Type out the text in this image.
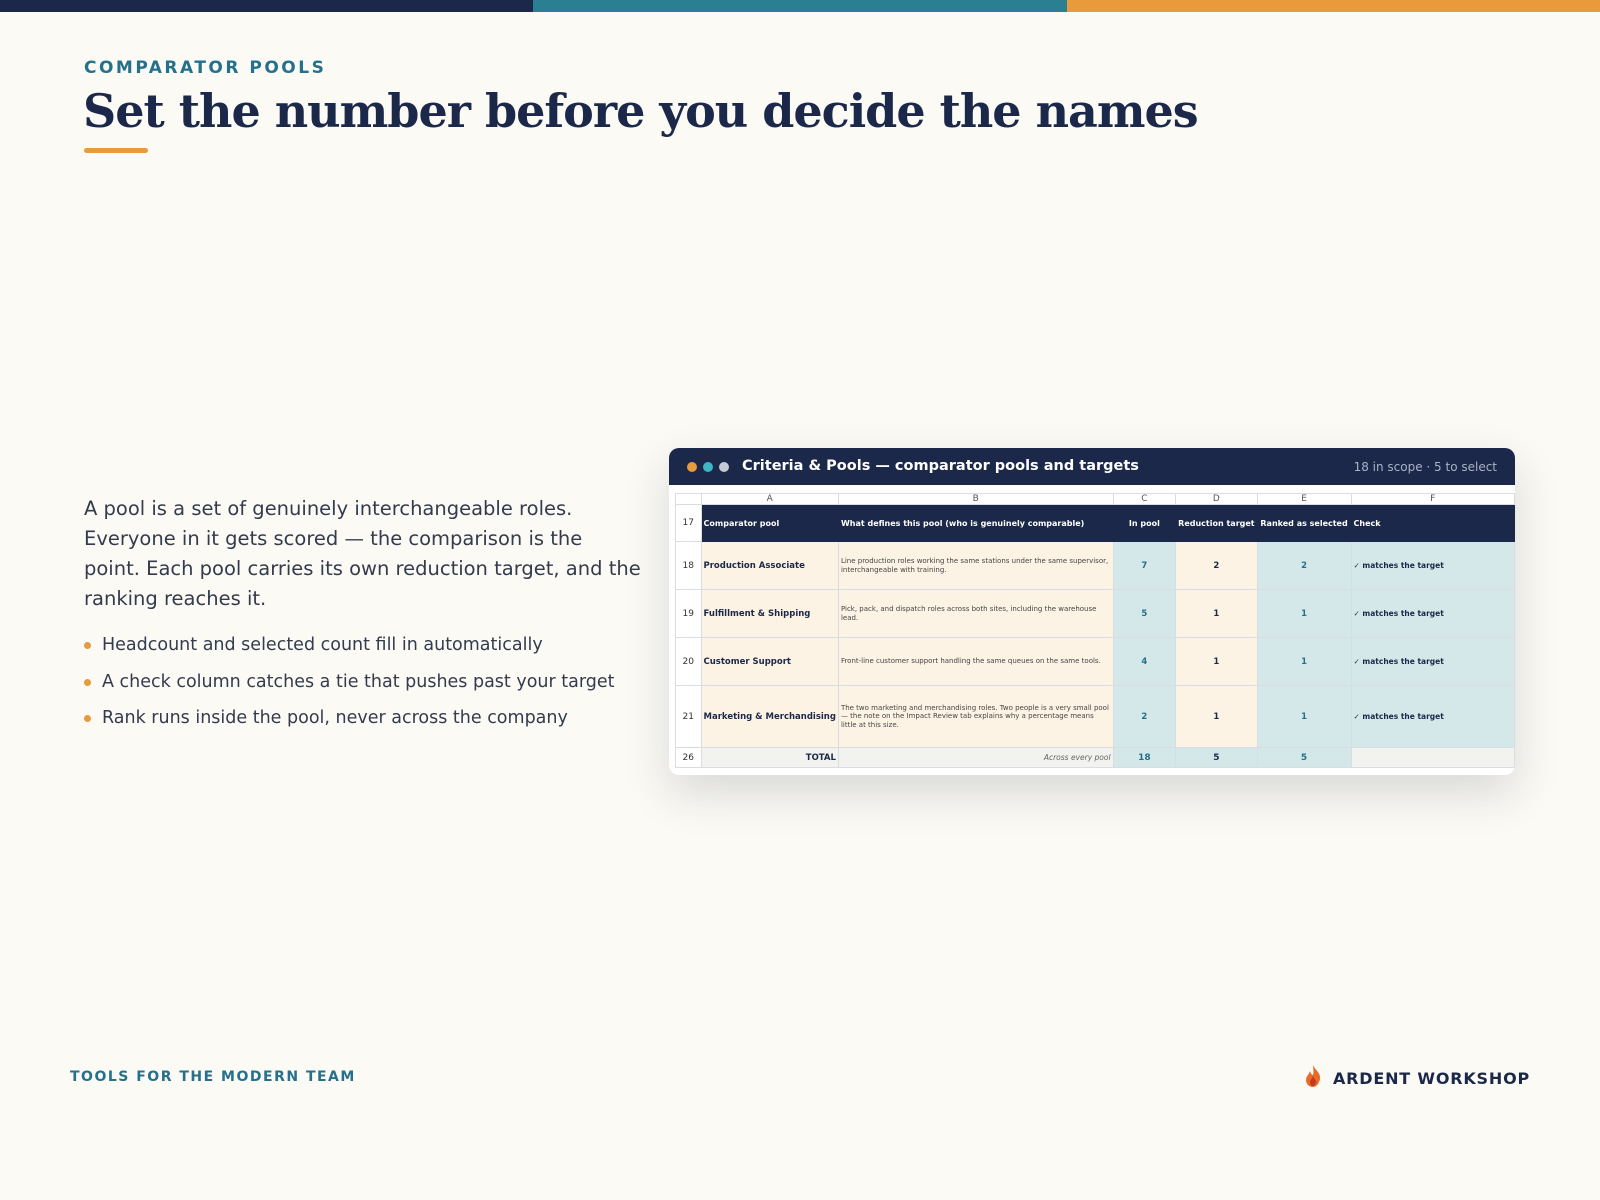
COMPARATOR POOLS
Set the number before you decide the names
A pool is a set of genuinely interchangeable roles. Everyone in it gets scored — the comparison is the point. Each pool carries its own reduction target, and the ranking reaches it.
Headcount and selected count fill in automatically
A check column catches a tie that pushes past your target
Rank runs inside the pool, never across the company
Criteria & Pools — comparator pools and targets	18 in scope · 5 to select
	A	B	C	D	E	F
17	Comparator pool	What defines this pool (who is genuinely comparable)	In pool	Reduction target	Ranked as selected	Check
18	Production Associate	Line production roles working the same stations under the same supervisor, interchangeable with training.	7	2	2	✓ matches the target
19	Fulfillment & Shipping	Pick, pack, and dispatch roles across both sites, including the warehouse lead.	5	1	1	✓ matches the target
20	Customer Support	Front-line customer support handling the same queues on the same tools.	4	1	1	✓ matches the target
21	Marketing & Merchandising	The two marketing and merchandising roles. Two people is a very small pool — the note on the Impact Review tab explains why a percentage means little at this size.	2	1	1	✓ matches the target
26	TOTAL	Across every pool	18	5	5	
TOOLS FOR THE MODERN TEAM	ARDENT WORKSHOP
